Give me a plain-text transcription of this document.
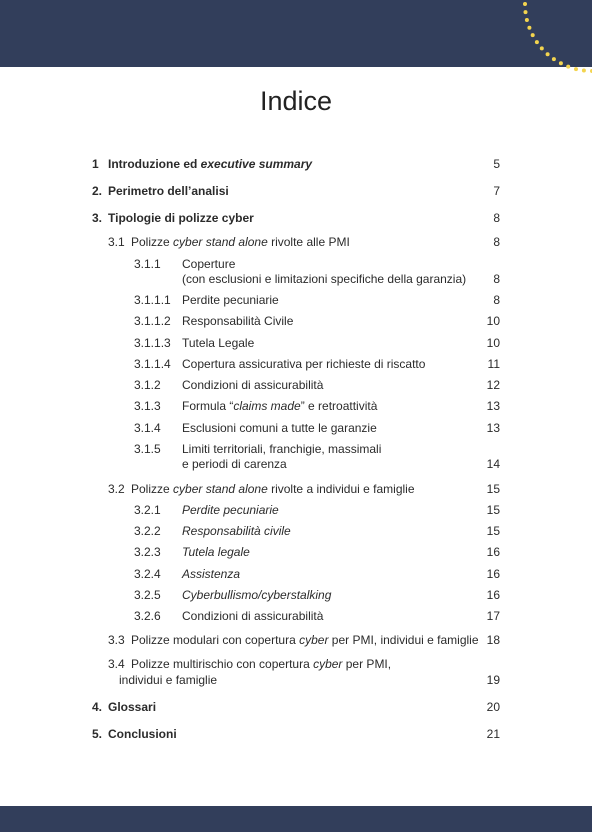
Indice
1 Introduzione ed executive summary	5
2. Perimetro dell’analisi	7
3. Tipologie di polizze cyber	8
3.1 Polizze cyber stand alone rivolte alle PMI	8
3.1.1 Coperture
(con esclusioni e limitazioni specifiche della garanzia)	8
3.1.1.1 Perdite pecuniarie	8
3.1.1.2 Responsabilità Civile	10
3.1.1.3 Tutela Legale	10
3.1.1.4 Copertura assicurativa per richieste di riscatto	11
3.1.2 Condizioni di assicurabilità	12
3.1.3 Formula “claims made” e retroattività	13
3.1.4 Esclusioni comuni a tutte le garanzie	13
3.1.5 Limiti territoriali, franchigie, massimali
e periodi di carenza	14
3.2 Polizze cyber stand alone rivolte a individui e famiglie	15
3.2.1 Perdite pecuniarie	15
3.2.2 Responsabilità civile	15
3.2.3 Tutela legale	16
3.2.4 Assistenza	16
3.2.5 Cyberbullismo/cyberstalking	16
3.2.6 Condizioni di assicurabilità	17
3.3 Polizze modulari con copertura cyber per PMI, individui e famiglie 18
3.4 Polizze multirischio con copertura cyber per PMI,
individui e famiglie	19
4. Glossari	20
5. Conclusioni	21
